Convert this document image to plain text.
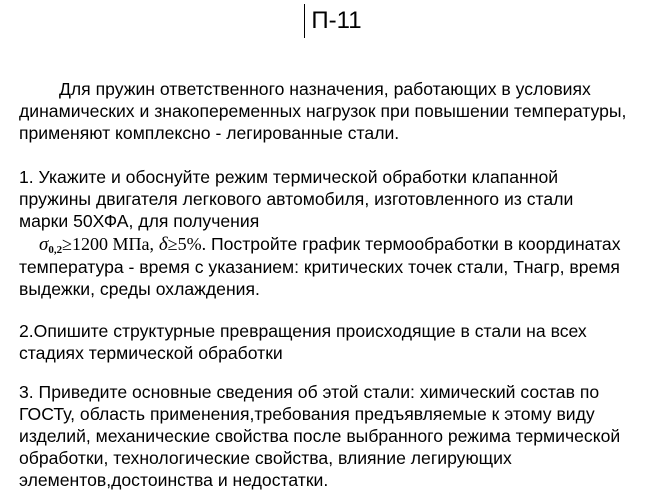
П-11
Для пружин ответственного назначения, работающих в условиях
динамических и знакопеременных нагрузок при повышении температуры,
применяют комплексно - легированные стали.
1. Укажите и обоснуйте режим термической обработки клапанной
пружины двигателя легкового автомобиля, изготовленного из стали
марки 50ХФА, для получения
$\sigma_{0,2}\ge 1200$ МПа, δ≥5%. Постройте график термообработки в координатах
температура - время с указанием: критических точек стали, Тнагр, время
выдежки, среды охлаждения.
2.Опишите структурные превращения происходящие в стали на всех
стадиях термической обработки
3. Приведите основные сведения об этой стали: химический состав по
ГОСТу, область применения,требования предъявляемые к этому виду
изделий, механические свойства после выбранного режима термической
обработки, технологические свойства, влияние легирующих
элементов,достоинства и недостатки.
